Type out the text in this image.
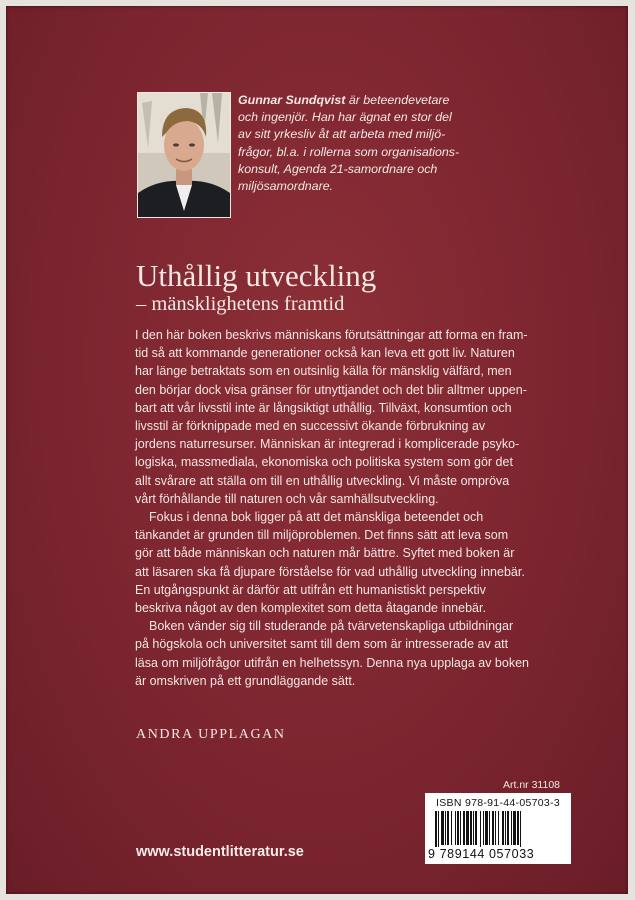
Gunnar Sundqvist är beteendevetare
och ingenjör. Han har ägnat en stor del
av sitt yrkesliv åt att arbeta med miljö-
frågor, bl.a. i rollerna som organisations-
konsult, Agenda 21-samordnare och
miljösamordnare.
Uthållig utveckling
– mänsklighetens framtid

I den här boken beskrivs människans förutsättningar att forma en fram-
tid så att kommande generationer också kan leva ett gott liv. Naturen
har länge betraktats som en outsinlig källa för mänsklig välfärd, men
den börjar dock visa gränser för utnyttjandet och det blir alltmer uppen-
bart att vår livsstil inte är långsiktigt uthållig. Tillväxt, konsumtion och
livsstil är förknippade med en successivt ökande förbrukning av
jordens naturresurser. Människan är integrerad i komplicerade psyko-
logiska, massmediala, ekonomiska och politiska system som gör det
allt svårare att ställa om till en uthållig utveckling. Vi måste ompröva
vårt förhållande till naturen och vår samhällsutveckling.

Fokus i denna bok ligger på att det mänskliga beteendet och
tänkandet är grunden till miljöproblemen. Det finns sätt att leva som
gör att både människan och naturen mår bättre. Syftet med boken är
att läsaren ska få djupare förståelse för vad uthållig utveckling innebär.
En utgångspunkt är därför att utifrån ett humanistiskt perspektiv
beskriva något av den komplexitet som detta åtagande innebär.

Boken vänder sig till studerande på tvärvetenskapliga utbildningar
på högskola och universitet samt till dem som är intresserade av att
läsa om miljöfrågor utifrån en helhetssyn. Denna nya upplaga av boken
är omskriven på ett grundläggande sätt.

ANDRA UPPLAGAN
Art.nr 31108
ISBN 978-91-44-05703-3
9 789144 057033
www.studentlitteratur.se
